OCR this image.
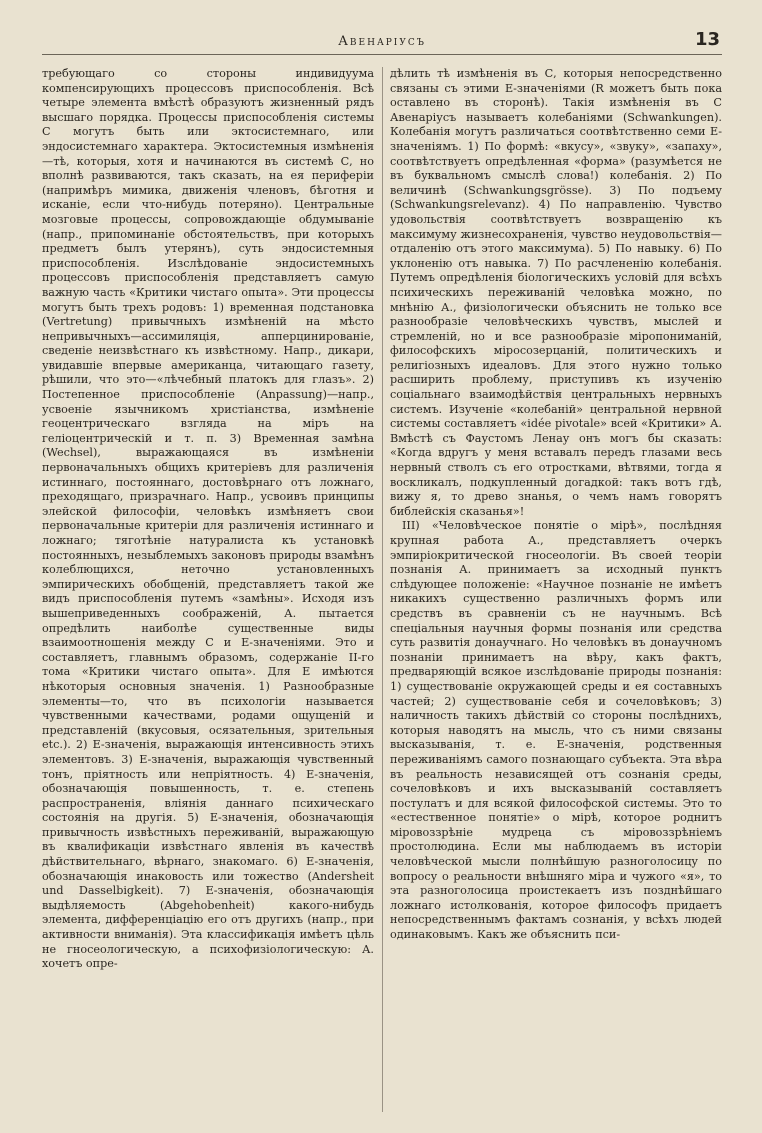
Авенаріусъ	13

требующаго со стороны индивидуума компенсирующихъ процессовъ приспособленія. Всѣ четыре элемента вмѣстѣ образуютъ жизненный рядъ высшаго порядка. Процессы приспособленія системы С могутъ быть или эктосистемнаго, или эндосистемнаго характера. Эктосистемныя измѣненія—тѣ, которыя, хотя и начинаются въ системѣ С, но вполнѣ развиваются, такъ сказать, на ея периферіи (напримѣръ мимика, движенія членовъ, бѣготня и исканіе, если что-нибудь потеряно). Центральные мозговые процессы, сопровождающіе обдумываніе (напр., припоминаніе обстоятельствъ, при которыхъ предметъ былъ утерянъ), суть эндосистемныя приспособленія. Изслѣдованіе эндосистемныхъ процессовъ приспособленія представляетъ самую важную часть «Критики чистаго опыта». Эти процессы могутъ быть трехъ родовъ: 1) временная подстановка (Vertretung) привычныхъ измѣненій на мѣсто непривычныхъ—ассимиляція, апперцинированіе, сведеніе неизвѣстнаго къ извѣстному. Напр., дикари, увидавшіе впервые американца, читающаго газету, рѣшили, что это—«лѣчебный платокъ для глазъ». 2) Постепенное приспособленіе (Anpassung)—напр., усвоеніе язычникомъ христіанства, измѣненіе геоцентрическаго взгляда на міръ на геліоцентрическій и т. п. 3) Временная замѣна (Wechsel), выражающаяся въ измѣненіи первоначальныхъ общихъ критеріевъ для различенія истиннаго, постояннаго, достовѣрнаго отъ ложнаго, преходящаго, призрачнаго. Напр., усвоивъ принципы элейской философіи, человѣкъ измѣняетъ свои первоначальные критеріи для различенія истиннаго и ложнаго; тяготѣніе натуралиста къ установкѣ постоянныхъ, незыблемыхъ законовъ природы взамѣнъ колеблющихся, неточно установленныхъ эмпирическихъ обобщеній, представляетъ такой же видъ приспособленія путемъ «замѣны». Исходя изъ вышеприведенныхъ соображеній, А. пытается опредѣлить наиболѣе существенные виды взаимоотношенія между С и Е-значеніями. Это и составляетъ, главнымъ образомъ, содержаніе II-го тома «Критики чистаго опыта». Для Е имѣются нѣкоторыя основныя значенія. 1) Разнообразные элементы—то, что въ психологіи называется чувственными качествами, родами ощущеній и представленій (вкусовыя, осязательныя, зрительныя etc.). 2) Е-значенія, выражающія интенсивность этихъ элементовъ. 3) Е-значенія, выражающія чувственный тонъ, пріятность или непріятность. 4) Е-значенія, обозначающія повышенность, т. е. степень распространенія, вліянія даннаго психическаго состоянія на другія. 5) Е-значенія, обозначающія привычность извѣстныхъ переживаній, выражающую въ квалификаціи извѣстнаго явленія въ качествѣ дѣйствительнаго, вѣрнаго, знакомаго. 6) Е-значенія, обозначающія инаковость или тожество (Andersheit und Dasselbigkeit). 7) Е-значенія, обозначающія выдѣляемость (Abgehobenheit) какого-нибудь элемента, дифференціацію его отъ другихъ (напр., при активности вниманія). Эта классификація имѣетъ цѣль не гносеологическую, а психофизіологическую: А. хочетъ опре-

дѣлить тѣ измѣненія въ С, которыя непосредственно связаны съ этими Е-значеніями (R можетъ быть пока оставлено въ сторонѣ). Такія измѣненія въ С Авенаріусъ называетъ колебаніями (Schwankungen). Колебанія могутъ различаться соотвѣтственно семи Е-значеніямъ. 1) По формѣ: «вкусу», «звуку», «запаху», соотвѣтствуетъ опредѣленная «форма» (разумѣется не въ буквальномъ смыслѣ слова!) колебанія. 2) По величинѣ (Schwankungsgrösse). 3) По подъему (Schwankungsrelevanz). 4) По направленію. Чувство удовольствія соотвѣтствуетъ возвращенію къ максимуму жизнесохраненія, чувство неудовольствія—отдаленію отъ этого максимума). 5) По навыку. 6) По уклоненію отъ навыка. 7) По расчлененію колебанія. Путемъ опредѣленія біологическихъ условій для всѣхъ психическихъ переживаній человѣка можно, по мнѣнію А., физіологически объяснить не только все разнообразіе человѣческихъ чувствъ, мыслей и стремленій, но и все разнообразіе міропониманій, философскихъ міросозерцаній, политическихъ и религіозныхъ идеаловъ. Для этого нужно только расширить проблему, приступивъ къ изученію соціальнаго взаимодѣйствія центральныхъ нервныхъ системъ. Изученіе «колебаній» центральной нервной системы составляетъ «idée pivotale» всей «Критики» А. Вмѣстѣ съ Фаустомъ Ленау онъ могъ бы сказать: «Когда вдругъ у меня вставалъ передъ глазами весь нервный стволъ съ его отростками, вѣтвями, тогда я воскликалъ, подкупленный догадкой: такъ вотъ гдѣ, вижу я, то древо знанья, о чемъ намъ говорятъ библейскія сказанья»!

III) «Человѣческое понятіе о мірѣ», послѣдняя крупная работа А., представляетъ очеркъ эмпиріокритической гносеологіи. Въ своей теоріи познанія А. принимаетъ за исходный пунктъ слѣдующее положеніе: «Научное познаніе не имѣетъ никакихъ существенно различныхъ формъ или средствъ въ сравненіи съ не научнымъ. Всѣ спеціальныя научныя формы познанія или средства суть развитія донаучнаго. Но человѣкъ въ донаучномъ познаніи принимаетъ на вѣру, какъ фактъ, предваряющій всякое изслѣдованіе природы познанія: 1) существованіе окружающей среды и ея составныхъ частей; 2) существованіе себя и сочеловѣковъ; 3) наличность такихъ дѣйствій со стороны послѣднихъ, которыя наводятъ на мысль, что съ ними связаны высказыванія, т. е. Е-значенія, родственныя переживаніямъ самого познающаго субъекта. Эта вѣра въ реальность независящей отъ сознанія среды, сочеловѣковъ и ихъ высказываній составляетъ постулатъ и для всякой философской системы. Это то «естественное понятіе» о мірѣ, которое роднитъ міровоззрѣніе мудреца съ міровоззрѣніемъ простолюдина. Если мы наблюдаемъ въ исторіи человѣческой мысли полнѣйшую разноголосицу по вопросу о реальности внѣшняго міра и чужого «я», то эта разноголосица проистекаетъ изъ позднѣйшаго ложнаго истолкованія, которое философъ придаетъ непосредственнымъ фактамъ сознанія, у всѣхъ людей одинаковымъ. Какъ же объяснить пси-
